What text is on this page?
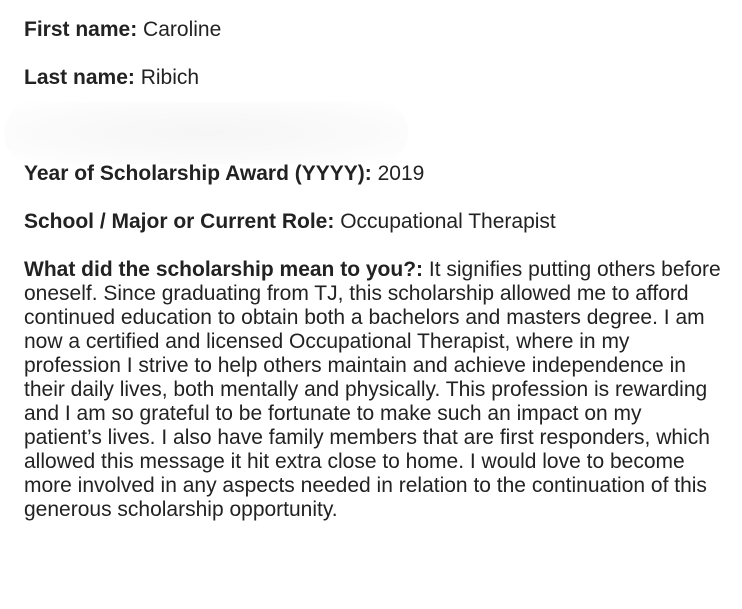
First name: Caroline

Last name: Ribich

Year of Scholarship Award (YYYY): 2019

School / Major or Current Role: Occupational Therapist

What did the scholarship mean to you?: It signifies putting others before oneself. Since graduating from TJ, this scholarship allowed me to afford continued education to obtain both a bachelors and masters degree. I am now a certified and licensed Occupational Therapist, where in my profession I strive to help others maintain and achieve independence in their daily lives, both mentally and physically. This profession is rewarding and I am so grateful to be fortunate to make such an impact on my patient’s lives. I also have family members that are first responders, which allowed this message it hit extra close to home. I would love to become more involved in any aspects needed in relation to the continuation of this generous scholarship opportunity.
